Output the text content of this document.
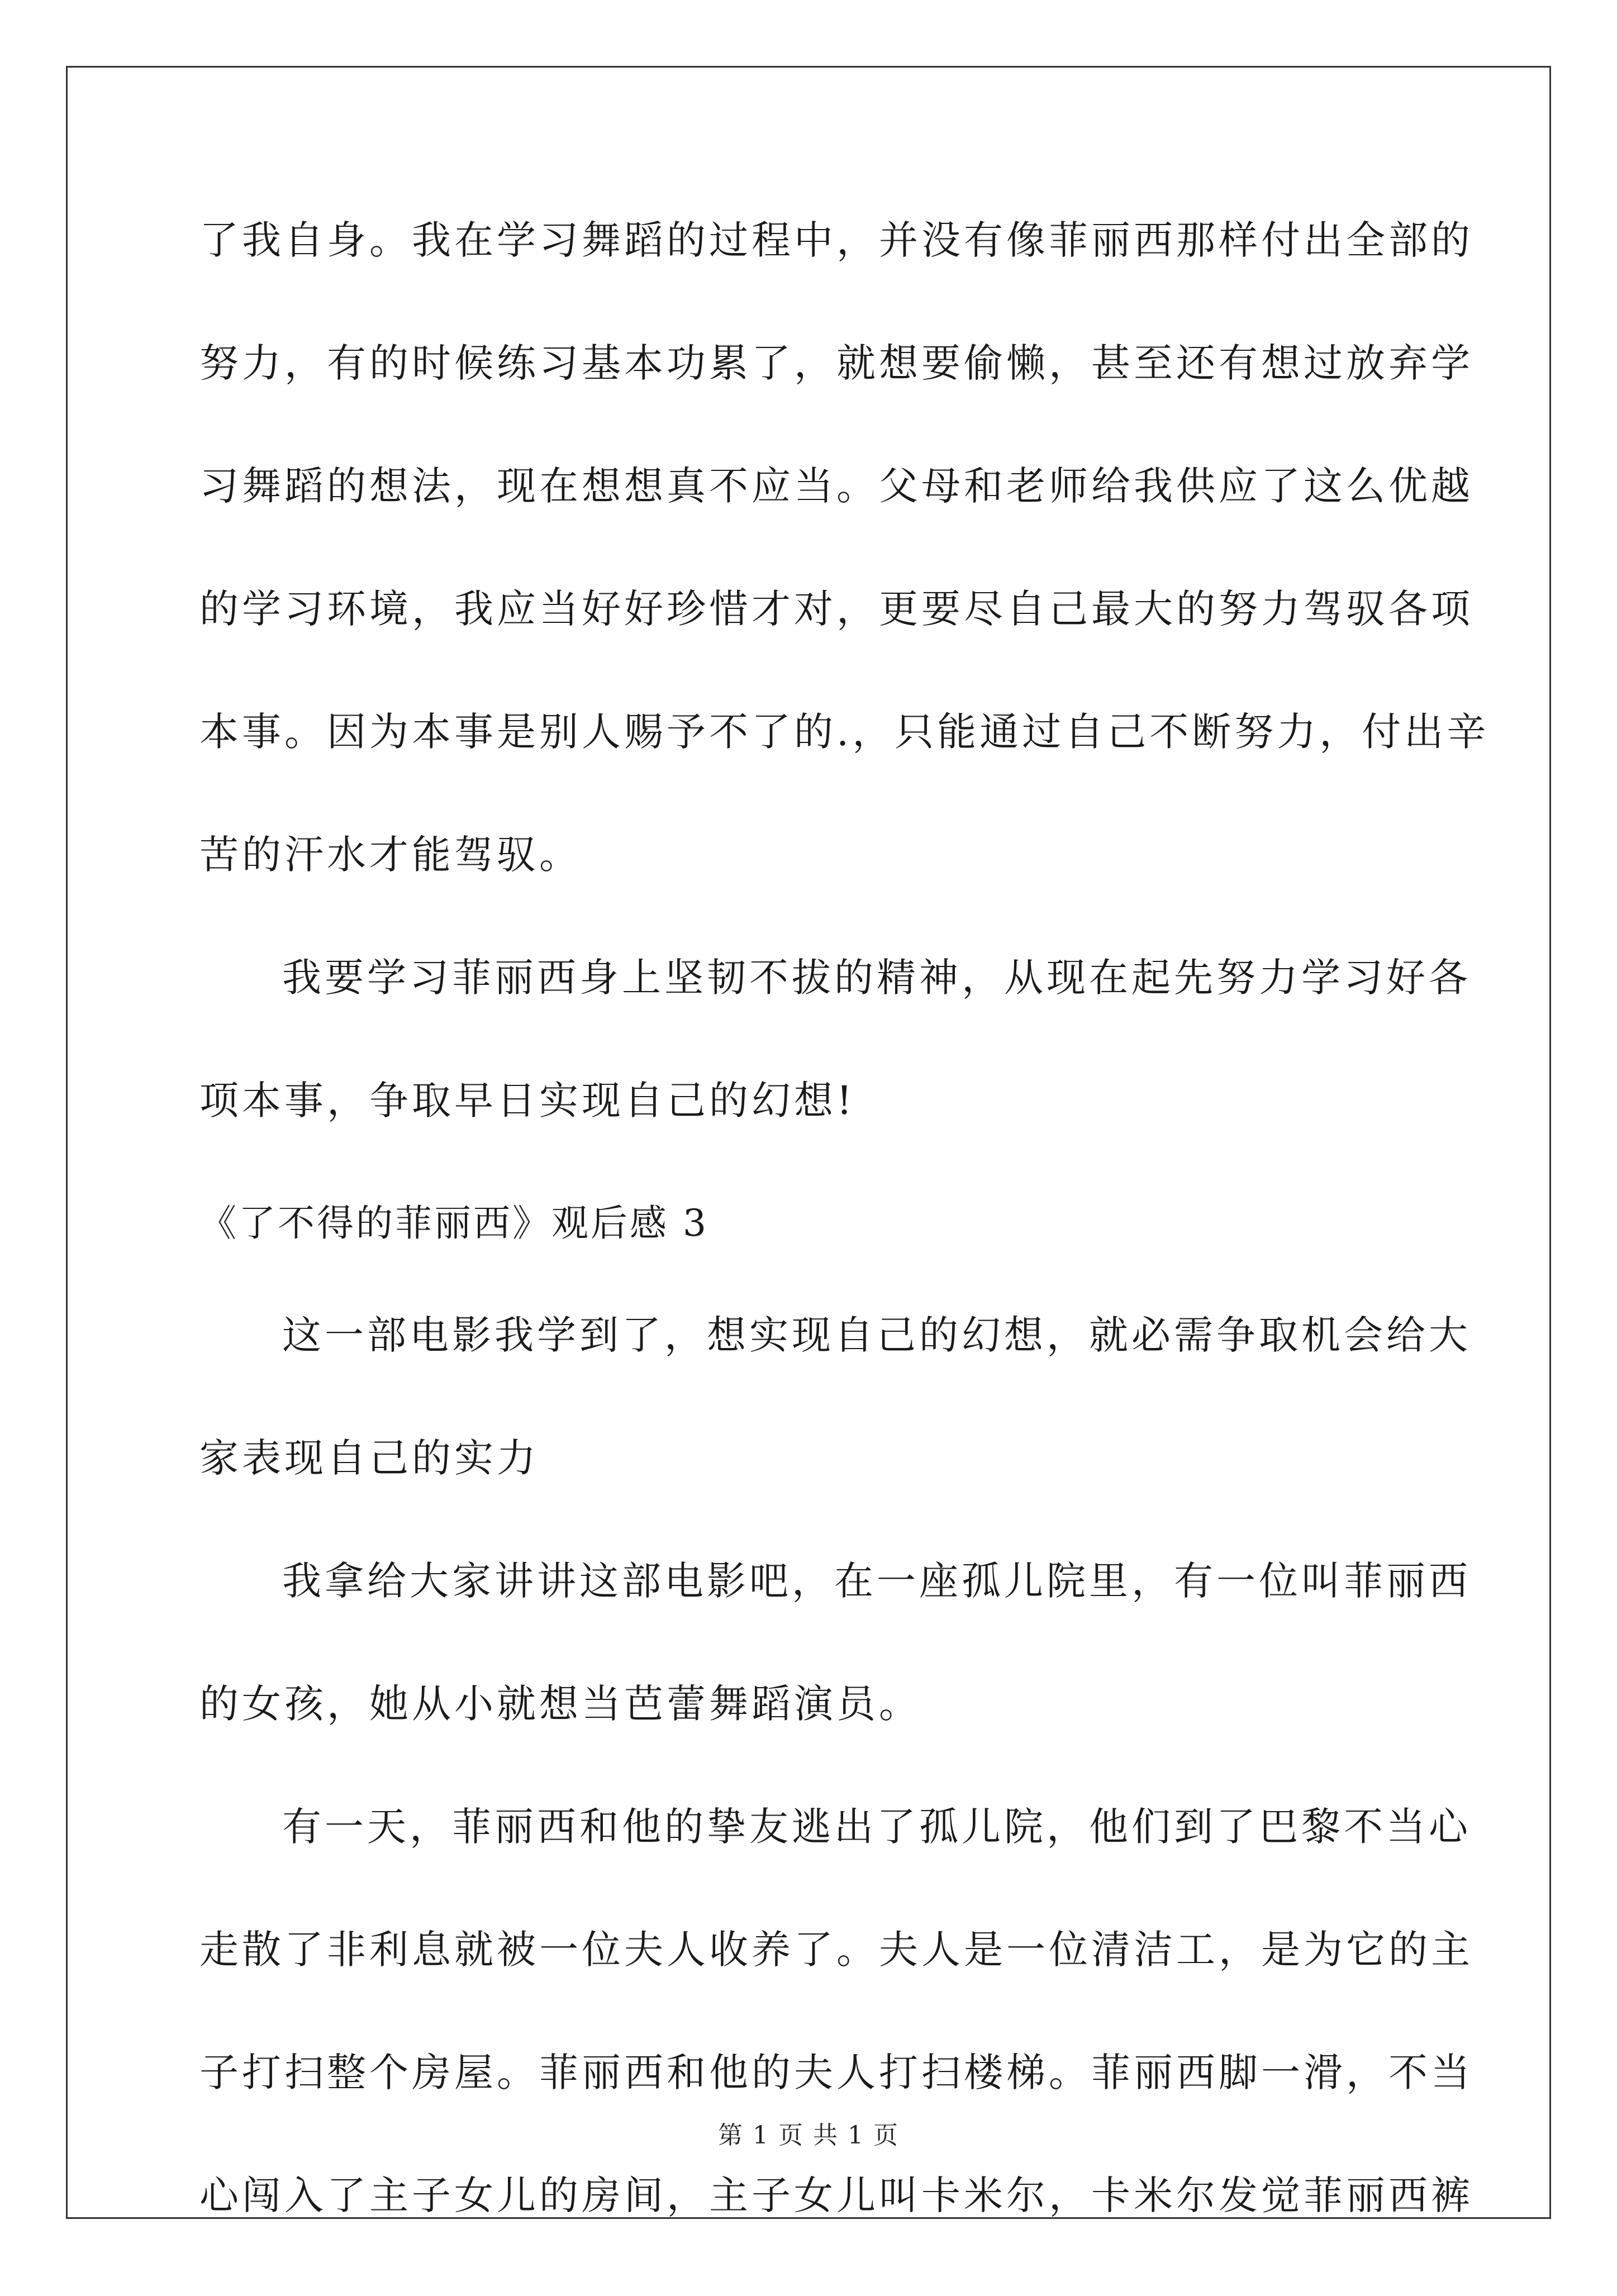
了我自身。我在学习舞蹈的过程中，并没有像菲丽西那样付出全部的
努力，有的时候练习基本功累了，就想要偷懒，甚至还有想过放弃学
习舞蹈的想法，现在想想真不应当。父母和老师给我供应了这么优越
的学习环境，我应当好好珍惜才对，更要尽自己最大的努力驾驭各项
本事。因为本事是别人赐予不了的.，只能通过自己不断努力，付出辛
苦的汗水才能驾驭。
我要学习菲丽西身上坚韧不拔的精神，从现在起先努力学习好各
项本事，争取早日实现自己的幻想!
《了不得的菲丽西》观后感 3
这一部电影我学到了，想实现自己的幻想，就必需争取机会给大
家表现自己的实力
我拿给大家讲讲这部电影吧，在一座孤儿院里，有一位叫菲丽西
的女孩，她从小就想当芭蕾舞蹈演员。
有一天，菲丽西和他的挚友逃出了孤儿院，他们到了巴黎不当心
走散了非利息就被一位夫人收养了。夫人是一位清洁工，是为它的主
子打扫整个房屋。菲丽西和他的夫人打扫楼梯。菲丽西脚一滑，不当
心闯入了主子女儿的房间，主子女儿叫卡米尔，卡米尔发觉菲丽西裤
第 1 页 共 1 页
